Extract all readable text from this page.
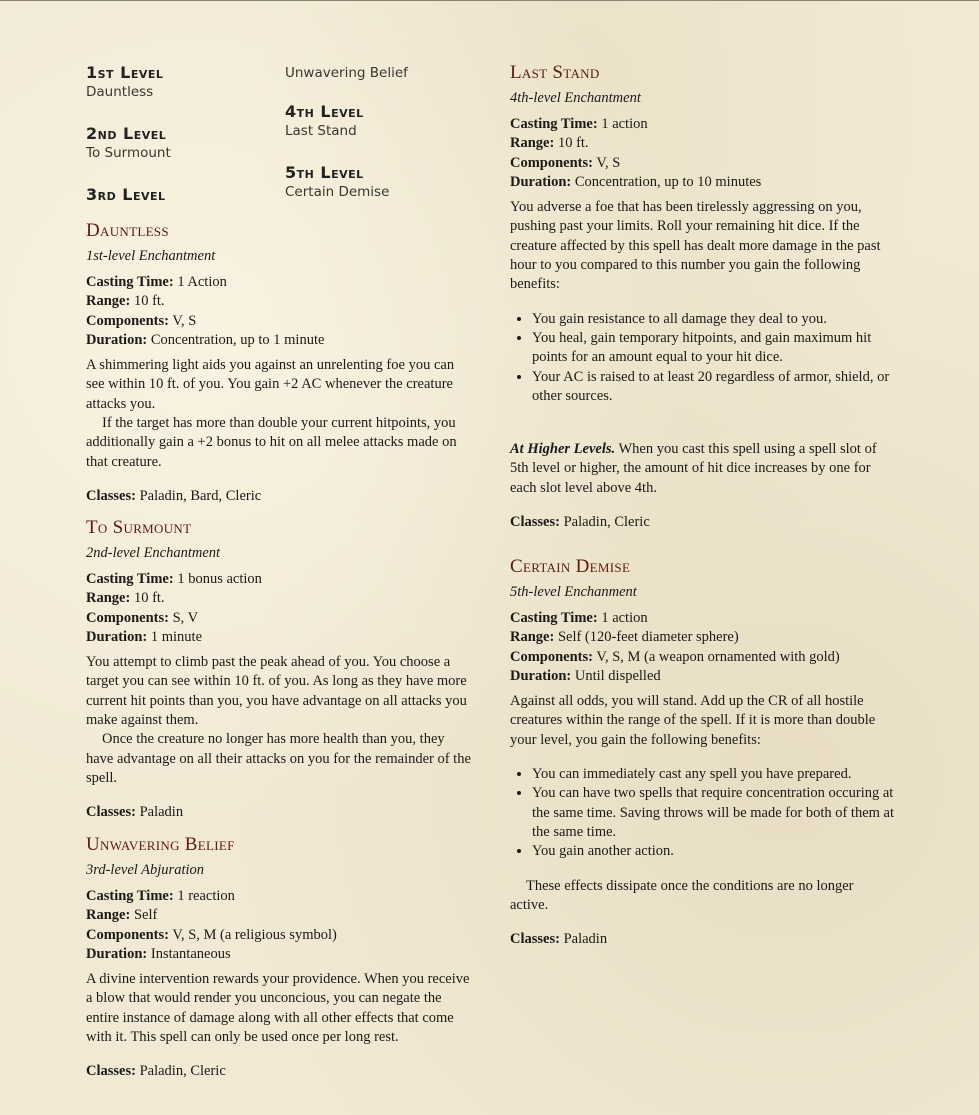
1st Level

Dauntless

2nd Level

To Surmount

3rd Level

Unwavering Belief

4th Level

Last Stand

5th Level

Certain Demise

Dauntless

1st-level Enchantment

Casting Time: 1 Action

Range: 10 ft.

Components: V, S

Duration: Concentration, up to 1 minute

A shimmering light aids you against an unrelenting foe you can see within 10 ft. of you. You gain +2 AC whenever the creature attacks you.

If the target has more than double your current hitpoints, you additionally gain a +2 bonus to hit on all melee attacks made on that creature.

Classes: Paladin, Bard, Cleric

To Surmount

2nd-level Enchantment

Casting Time: 1 bonus action

Range: 10 ft.

Components: S, V

Duration: 1 minute

You attempt to climb past the peak ahead of you. You choose a target you can see within 10 ft. of you. As long as they have more current hit points than you, you have advantage on all attacks you make against them.

Once the creature no longer has more health than you, they have advantage on all their attacks on you for the remainder of the spell.

Classes: Paladin

Unwavering Belief

3rd-level Abjuration

Casting Time: 1 reaction

Range: Self

Components: V, S, M (a religious symbol)

Duration: Instantaneous

A divine intervention rewards your providence. When you receive a blow that would render you unconcious, you can negate the entire instance of damage along with all other effects that come with it. This spell can only be used once per long rest.

Classes: Paladin, Cleric

Last Stand

4th-level Enchantment

Casting Time: 1 action

Range: 10 ft.

Components: V, S

Duration: Concentration, up to 10 minutes

You adverse a foe that has been tirelessly aggressing on you, pushing past your limits. Roll your remaining hit dice. If the creature affected by this spell has dealt more damage in the past hour to you compared to this number you gain the following benefits:

• You gain resistance to all damage they deal to you.
• You heal, gain temporary hitpoints, and gain maximum hit points for an amount equal to your hit dice.
• Your AC is raised to at least 20 regardless of armor, shield, or other sources.

At Higher Levels. When you cast this spell using a spell slot of 5th level or higher, the amount of hit dice increases by one for each slot level above 4th.

Classes: Paladin, Cleric

Certain Demise

5th-level Enchanment

Casting Time: 1 action

Range: Self (120-feet diameter sphere)

Components: V, S, M (a weapon ornamented with gold)

Duration: Until dispelled

Against all odds, you will stand. Add up the CR of all hostile creatures within the range of the spell. If it is more than double your level, you gain the following benefits:

• You can immediately cast any spell you have prepared.
• You can have two spells that require concentration occuring at the same time. Saving throws will be made for both of them at the same time.
• You gain another action.

These effects dissipate once the conditions are no longer active.

Classes: Paladin
